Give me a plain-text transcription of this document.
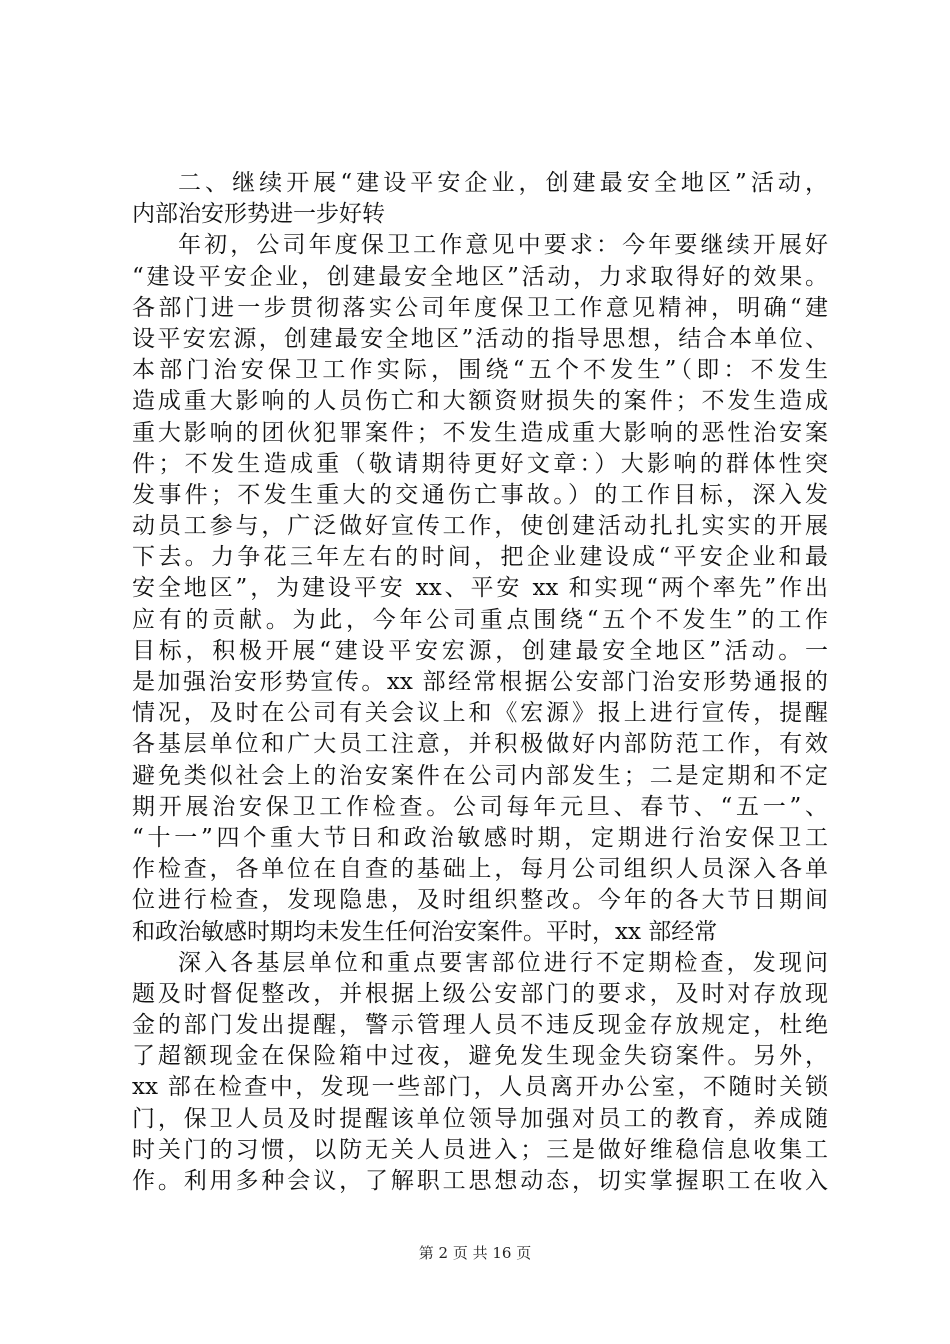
二、继续开展“建设平安企业，创建最安全地区”活动，
内部治安形势进一步好转
年初，公司年度保卫工作意见中要求：今年要继续开展好
“建设平安企业，创建最安全地区”活动，力求取得好的效果。
各部门进一步贯彻落实公司年度保卫工作意见精神，明确“建
设平安宏源，创建最安全地区”活动的指导思想，结合本单位、
本部门治安保卫工作实际，围绕“五个不发生”（即：不发生
造成重大影响的人员伤亡和大额资财损失的案件；不发生造成
重大影响的团伙犯罪案件；不发生造成重大影响的恶性治安案
件；不发生造成重（敬请期待更好文章：）大影响的群体性突
发事件；不发生重大的交通伤亡事故。）的工作目标，深入发
动员工参与，广泛做好宣传工作，使创建活动扎扎实实的开展
下去。力争花三年左右的时间，把企业建设成“平安企业和最
安全地区”，为建设平安 xx、平安 xx 和实现“两个率先”作出
应有的贡献。为此，今年公司重点围绕“五个不发生”的工作
目标，积极开展“建设平安宏源，创建最安全地区”活动。一
是加强治安形势宣传。xx 部经常根据公安部门治安形势通报的
情况，及时在公司有关会议上和《宏源》报上进行宣传，提醒
各基层单位和广大员工注意，并积极做好内部防范工作，有效
避免类似社会上的治安案件在公司内部发生；二是定期和不定
期开展治安保卫工作检查。公司每年元旦、春节、“五一”、
“十一”四个重大节日和政治敏感时期，定期进行治安保卫工
作检查，各单位在自查的基础上，每月公司组织人员深入各单
位进行检查，发现隐患，及时组织整改。今年的各大节日期间
和政治敏感时期均未发生任何治安案件。平时，xx 部经常
深入各基层单位和重点要害部位进行不定期检查，发现问
题及时督促整改，并根据上级公安部门的要求，及时对存放现
金的部门发出提醒，警示管理人员不违反现金存放规定，杜绝
了超额现金在保险箱中过夜，避免发生现金失窃案件。另外，
xx 部在检查中，发现一些部门，人员离开办公室，不随时关锁
门，保卫人员及时提醒该单位领导加强对员工的教育，养成随
时关门的习惯，以防无关人员进入；三是做好维稳信息收集工
作。利用多种会议，了解职工思想动态，切实掌握职工在收入
第 2 页 共 16 页
